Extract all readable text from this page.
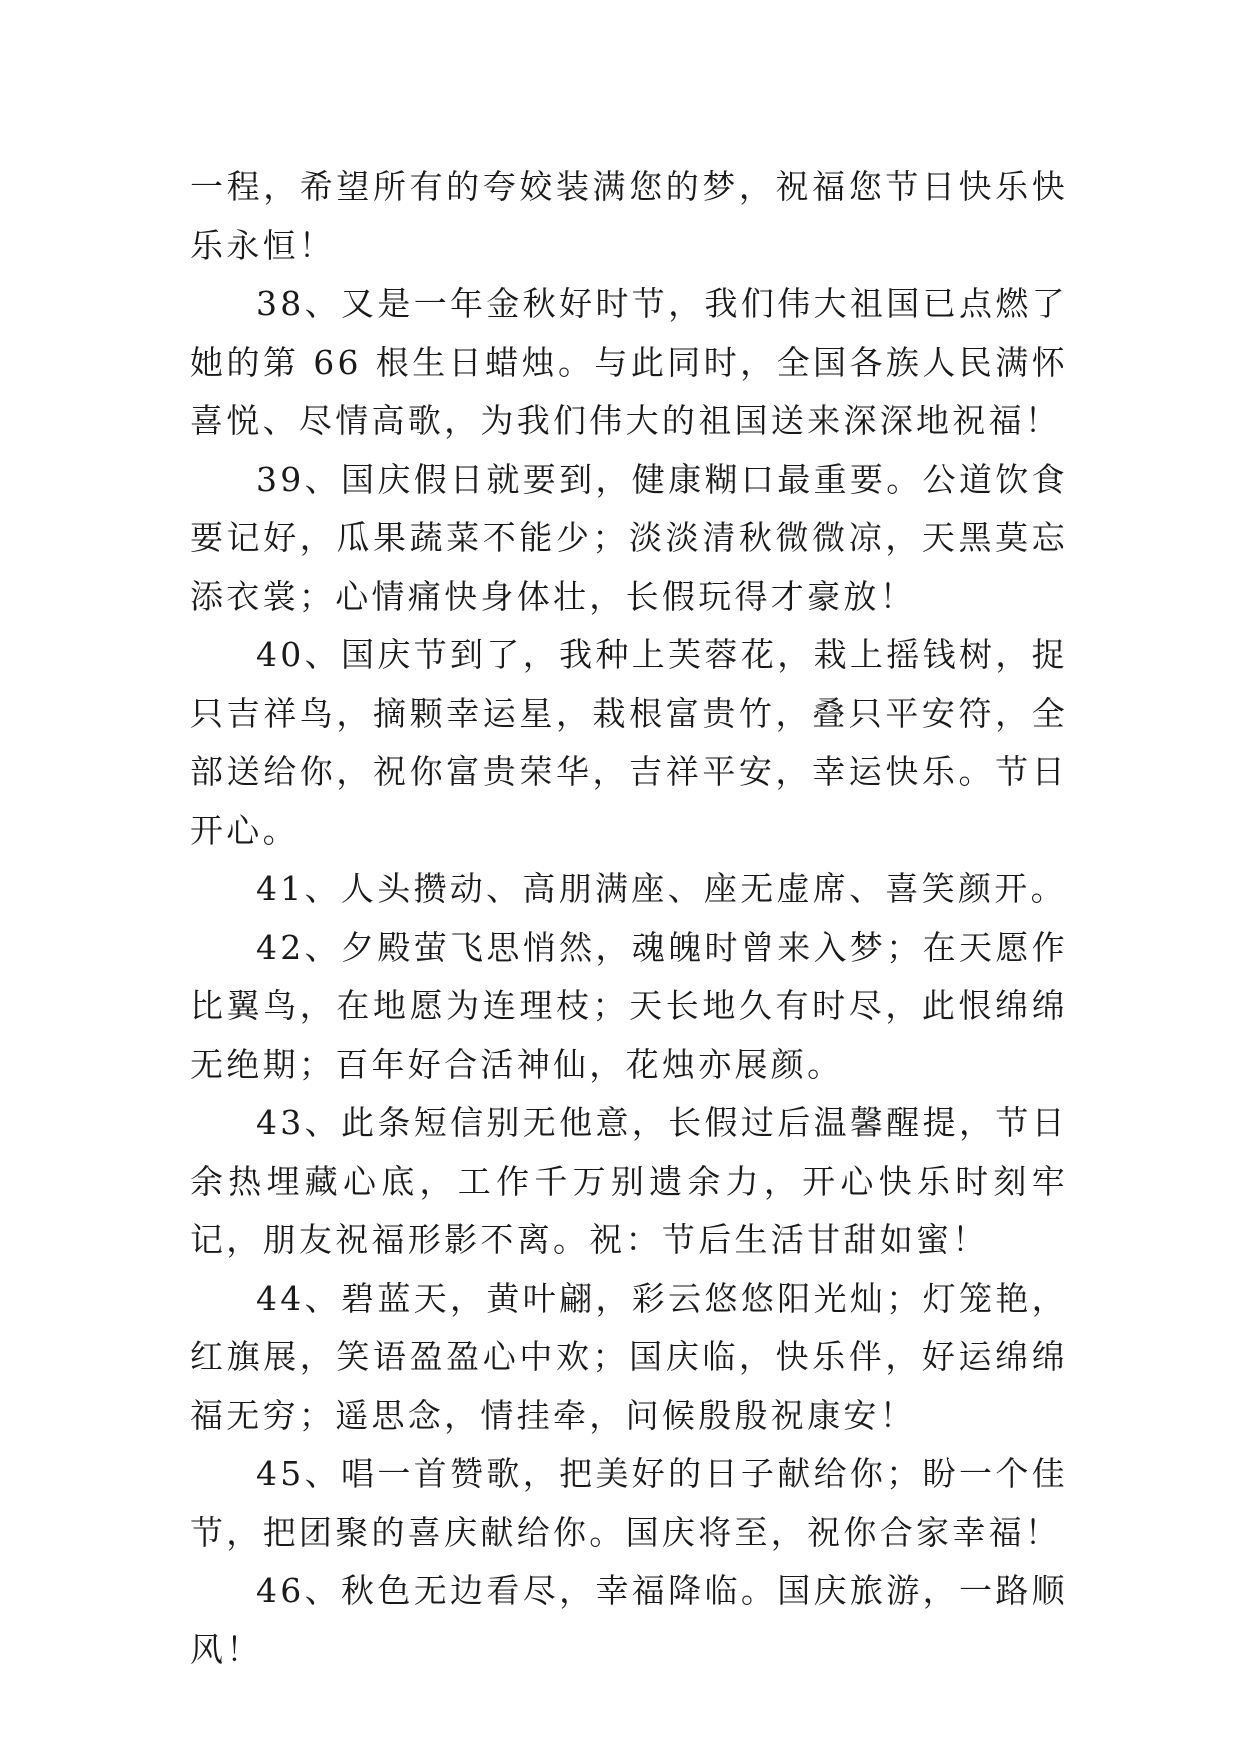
一程，希望所有的夸姣装满您的梦，祝福您节日快乐快乐永恒！

38、又是一年金秋好时节，我们伟大祖国已点燃了她的第 66 根生日蜡烛。与此同时，全国各族人民满怀喜悦、尽情高歌，为我们伟大的祖国送来深深地祝福！

39、国庆假日就要到，健康糊口最重要。公道饮食要记好，瓜果蔬菜不能少；淡淡清秋微微凉，天黑莫忘添衣裳；心情痛快身体壮，长假玩得才豪放！

40、国庆节到了，我种上芙蓉花，栽上摇钱树，捉只吉祥鸟，摘颗幸运星，栽根富贵竹，叠只平安符，全部送给你，祝你富贵荣华，吉祥平安，幸运快乐。节日开心。

41、人头攒动、高朋满座、座无虚席、喜笑颜开。

42、夕殿萤飞思悄然，魂魄时曾来入梦；在天愿作比翼鸟，在地愿为连理枝；天长地久有时尽，此恨绵绵无绝期；百年好合活神仙，花烛亦展颜。

43、此条短信别无他意，长假过后温馨醒提，节日余热埋藏心底，工作千万别遗余力，开心快乐时刻牢记，朋友祝福形影不离。祝：节后生活甘甜如蜜！

44、碧蓝天，黄叶翩，彩云悠悠阳光灿；灯笼艳，红旗展，笑语盈盈心中欢；国庆临，快乐伴，好运绵绵福无穷；遥思念，情挂牵，问候殷殷祝康安！

45、唱一首赞歌，把美好的日子献给你；盼一个佳节，把团聚的喜庆献给你。国庆将至，祝你合家幸福！

46、秋色无边看尽，幸福降临。国庆旅游，一路顺风！
